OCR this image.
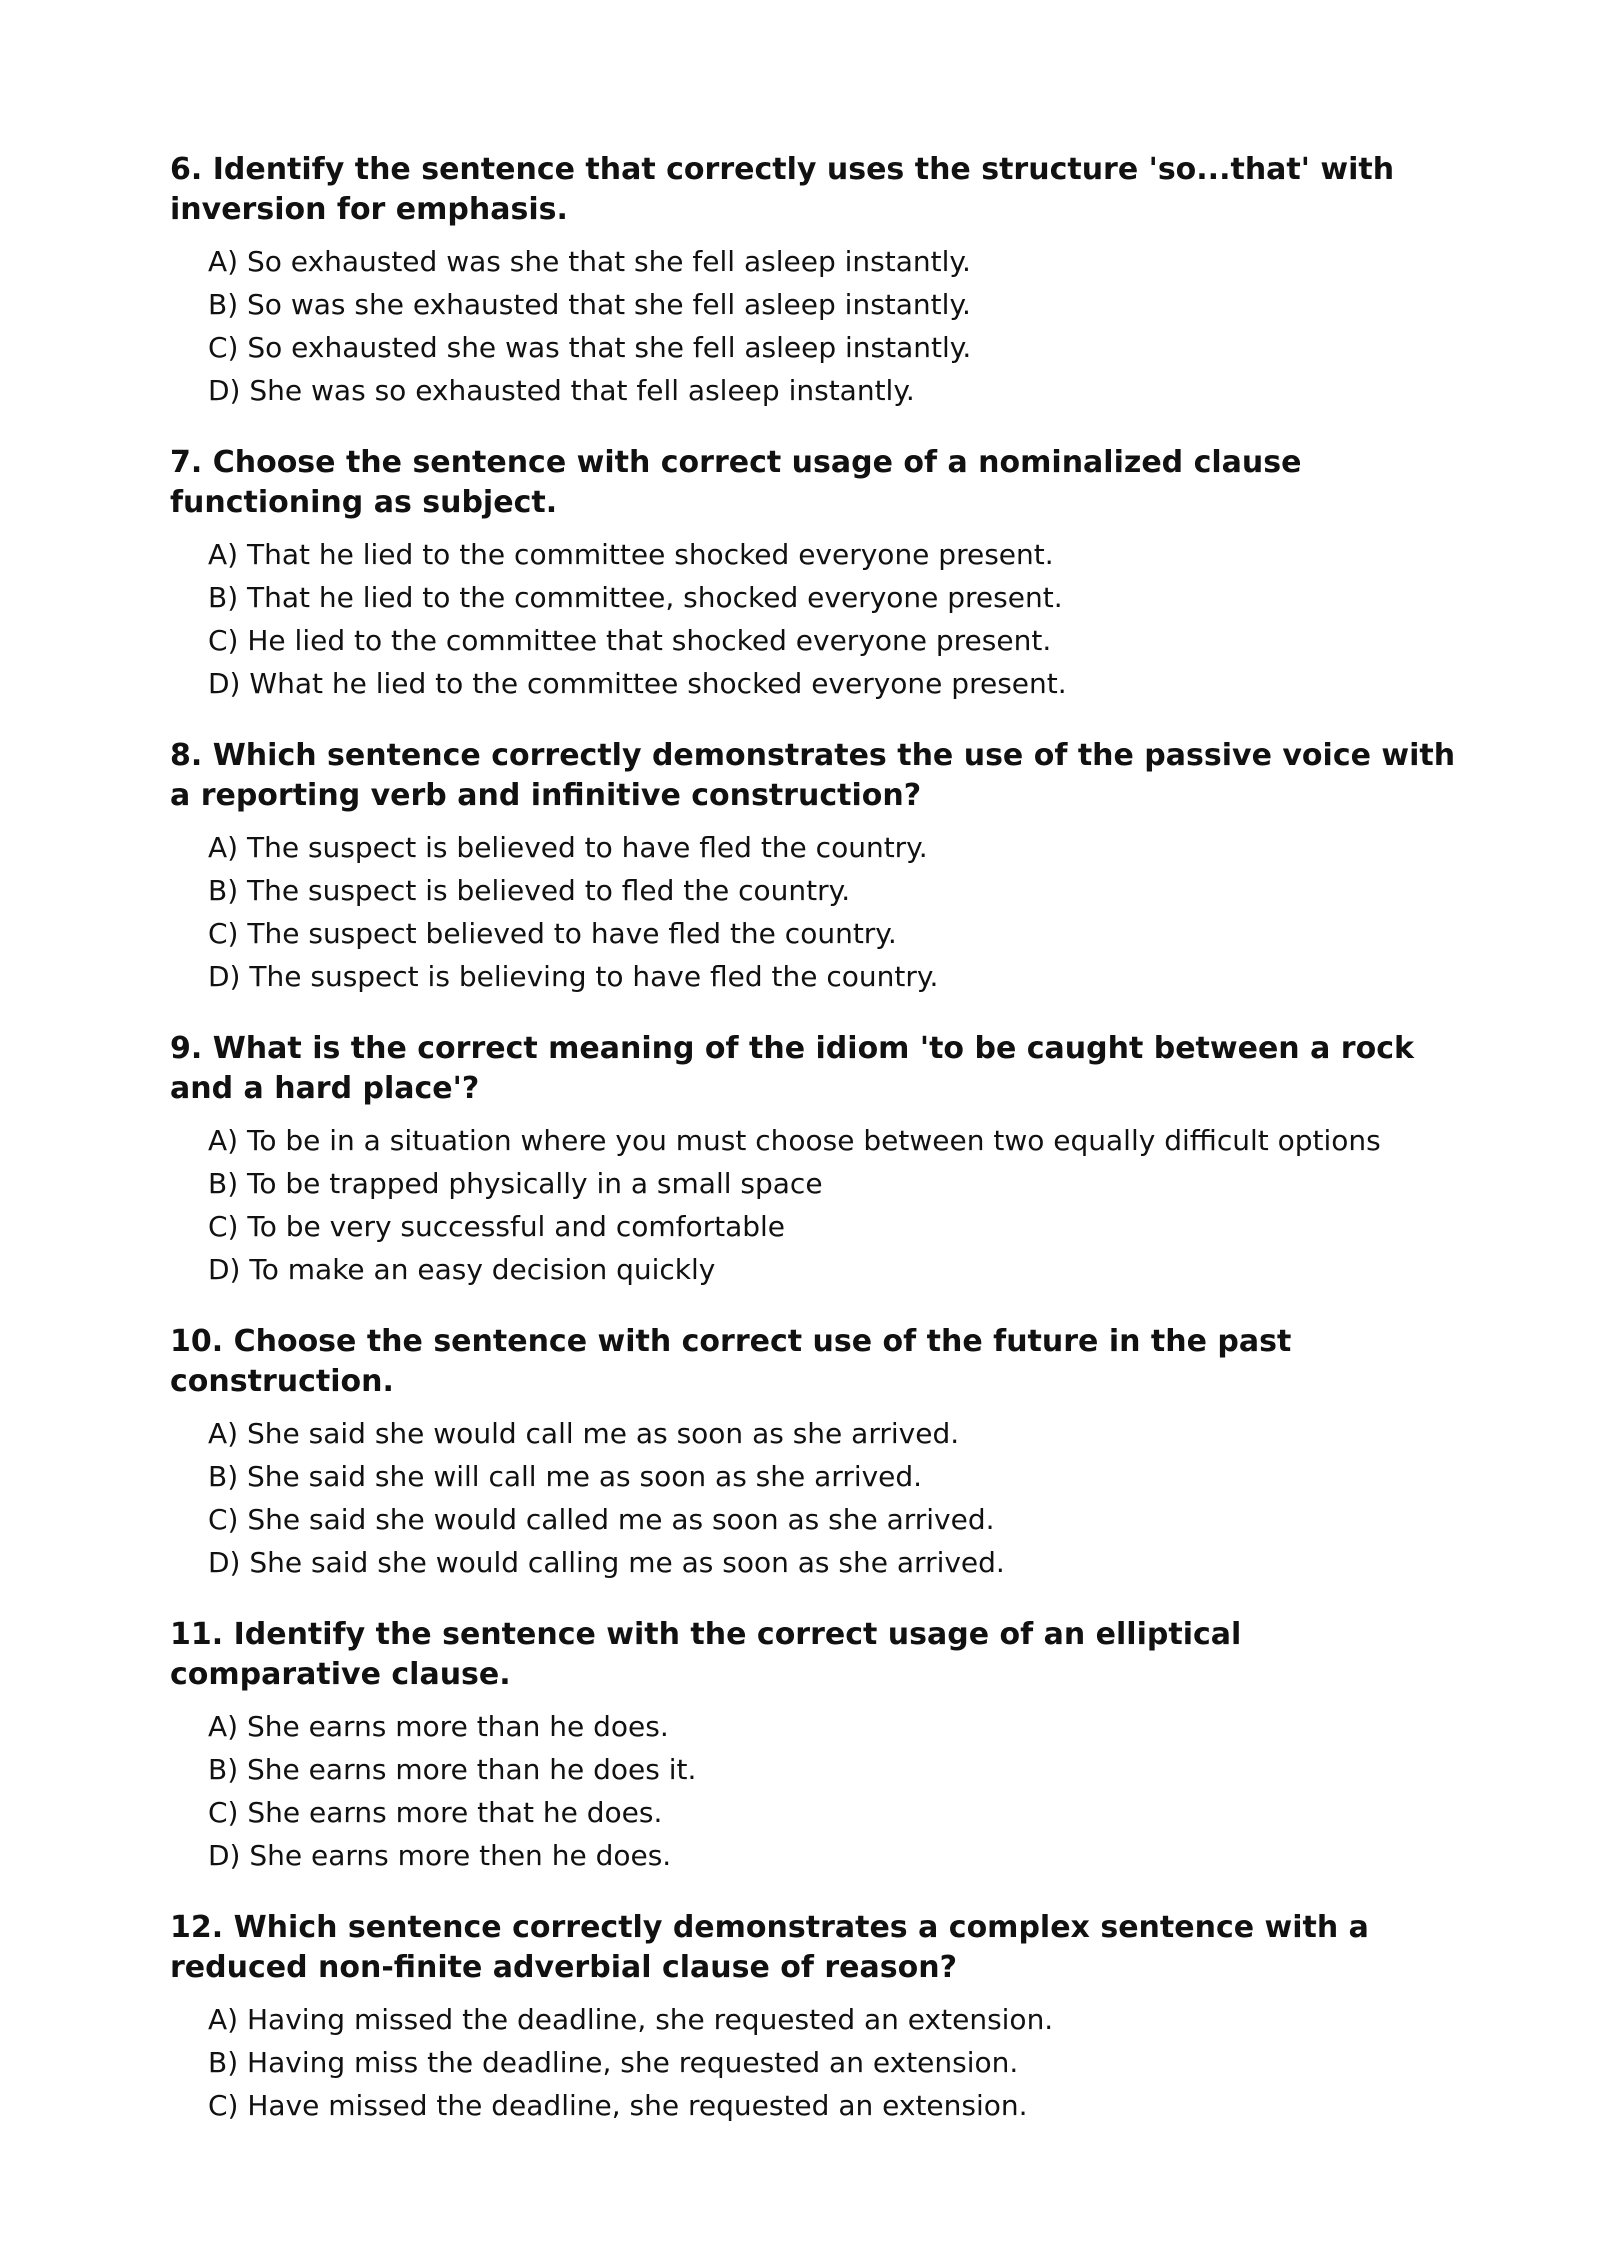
6. Identify the sentence that correctly uses the structure 'so...that' with inversion for emphasis.
A) So exhausted was she that she fell asleep instantly.
B) So was she exhausted that she fell asleep instantly.
C) So exhausted she was that she fell asleep instantly.
D) She was so exhausted that fell asleep instantly.
7. Choose the sentence with correct usage of a nominalized clause functioning as subject.
A) That he lied to the committee shocked everyone present.
B) That he lied to the committee, shocked everyone present.
C) He lied to the committee that shocked everyone present.
D) What he lied to the committee shocked everyone present.
8. Which sentence correctly demonstrates the use of the passive voice with a reporting verb and infinitive construction?
A) The suspect is believed to have fled the country.
B) The suspect is believed to fled the country.
C) The suspect believed to have fled the country.
D) The suspect is believing to have fled the country.
9. What is the correct meaning of the idiom 'to be caught between a rock and a hard place'?
A) To be in a situation where you must choose between two equally difficult options
B) To be trapped physically in a small space
C) To be very successful and comfortable
D) To make an easy decision quickly
10. Choose the sentence with correct use of the future in the past construction.
A) She said she would call me as soon as she arrived.
B) She said she will call me as soon as she arrived.
C) She said she would called me as soon as she arrived.
D) She said she would calling me as soon as she arrived.
11. Identify the sentence with the correct usage of an elliptical comparative clause.
A) She earns more than he does.
B) She earns more than he does it.
C) She earns more that he does.
D) She earns more then he does.
12. Which sentence correctly demonstrates a complex sentence with a reduced non-finite adverbial clause of reason?
A) Having missed the deadline, she requested an extension.
B) Having miss the deadline, she requested an extension.
C) Have missed the deadline, she requested an extension.
